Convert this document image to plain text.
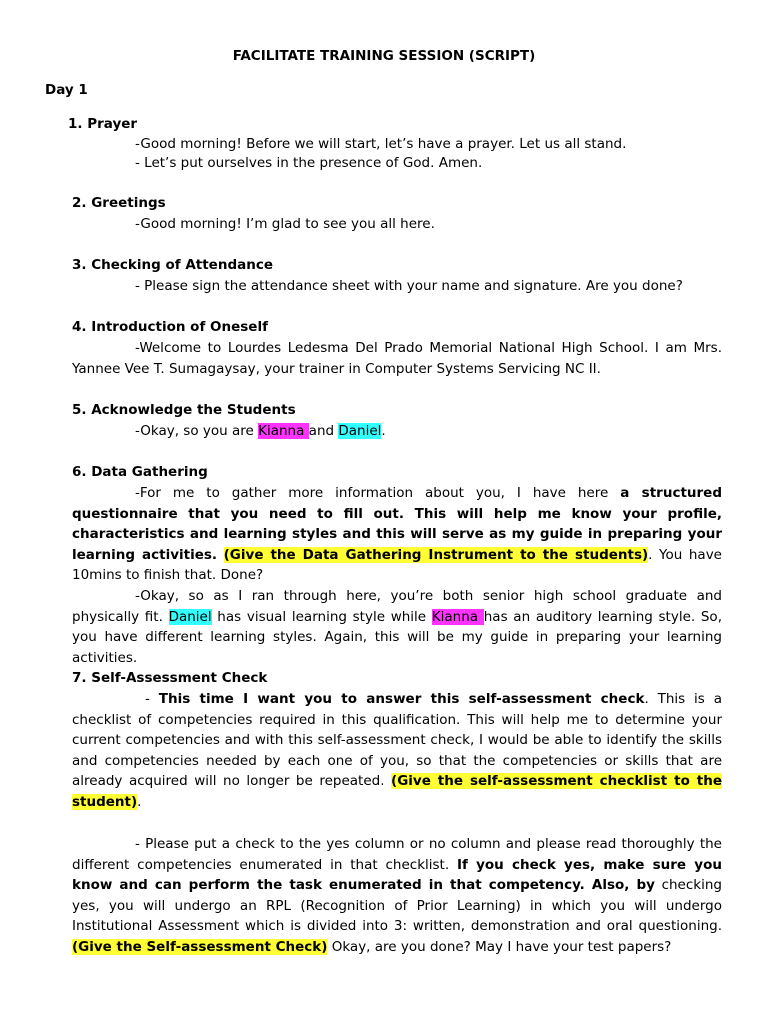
FACILITATE TRAINING SESSION (SCRIPT)
Day 1
1. Prayer
-Good morning! Before we will start, let’s have a prayer. Let us all stand.
- Let’s put ourselves in the presence of God. Amen.
2. Greetings
-Good morning! I’m glad to see you all here.
3. Checking of Attendance
- Please sign the attendance sheet with your name and signature. Are you done?
4. Introduction of Oneself
-Welcome to Lourdes Ledesma Del Prado Memorial National High School. I am Mrs. Yannee Vee T. Sumagaysay, your trainer in Computer Systems Servicing NC II.
5. Acknowledge the Students
-Okay, so you are Kianna and Daniel.
6. Data Gathering
-For me to gather more information about you, I have here a structured questionnaire that you need to fill out. This will help me know your profile, characteristics and learning styles and this will serve as my guide in preparing your learning activities. (Give the Data Gathering Instrument to the students). You have 10mins to finish that. Done?
-Okay, so as I ran through here, you’re both senior high school graduate and physically fit. Daniel has visual learning style while Kianna has an auditory learning style. So, you have different learning styles. Again, this will be my guide in preparing your learning activities.
7. Self-Assessment Check
- This time I want you to answer this self-assessment check. This is a checklist of competencies required in this qualification. This will help me to determine your current competencies and with this self-assessment check, I would be able to identify the skills and competencies needed by each one of you, so that the competencies or skills that are already acquired will no longer be repeated. (Give the self-assessment checklist to the student).
- Please put a check to the yes column or no column and please read thoroughly the different competencies enumerated in that checklist. If you check yes, make sure you know and can perform the task enumerated in that competency. Also, by checking yes, you will undergo an RPL (Recognition of Prior Learning) in which you will undergo Institutional Assessment which is divided into 3: written, demonstration and oral questioning. (Give the Self-assessment Check) Okay, are you done? May I have your test papers?
